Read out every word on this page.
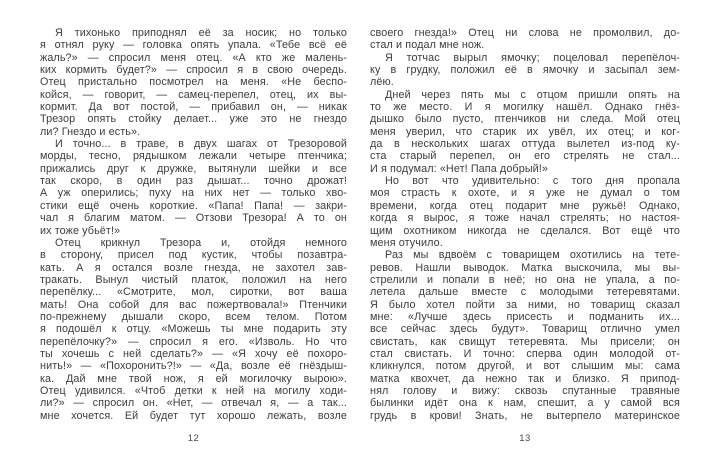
Я тихонько приподнял её за носик; но только
я отнял руку — головка опять упала. «Тебе всё её
жаль?» — спросил меня отец. «А кто же малень-
ких кормить будет?» — спросил я в свою очередь.
Отец пристально посмотрел на меня. «Не беспо-
койся, — говорит, — самец-перепел, отец, их вы-
кормит. Да вот постой, — прибавил он, — никак
Трезор опять стойку делает... уже это не гнездо
ли? Гнездо и есть».
И точно... в траве, в двух шагах от Трезоровой
морды, тесно, рядышком лежали четыре птенчика;
прижались друг к дружке, вытянули шейки и все
так скоро, в один раз дышат... точно дрожат!
А уж оперились; пуху на них нет — только хво-
стики ещё очень короткие. «Папа! Папа! — закри-
чал я благим матом. — Отзови Трезора! А то он
их тоже убьёт!»
Отец крикнул Трезора и, отойдя немного
в сторону, присел под кустик, чтобы позавтра-
кать. А я остался возле гнезда, не захотел зав-
тракать. Вынул чистый платок, положил на него
перепёлку... «Смотрите, мол, сиротки, вот ваша
мать! Она собой для вас пожертвовала!» Птенчики
по-прежнему дышали скоро, всем телом. Потом
я подошёл к отцу. «Можешь ты мне подарить эту
перепёлочку?» — спросил я его. «Изволь. Но что
ты хочешь с ней сделать?» — «Я хочу её похоро-
нить!» — «Похоронить?!» — «Да, возле её гнёздыш-
ка. Дай мне твой нож, я ей могилочку вырою».
Отец удивился. «Чтоб детки к ней на могилу ходи-
ли?» — спросил он. «Нет, — отвечал я, — а так...
мне хочется. Ей будет тут хорошо лежать, возле
своего гнезда!» Отец ни слова не промолвил, до-
стал и подал мне нож.
Я тотчас вырыл ямочку; поцеловал перепёлоч-
ку в грудку, положил её в ямочку и засыпал зем-
лёю.
Дней через пять мы с отцом пришли опять на
то же место. И я могилку нашёл. Однако гнёз-
дышко было пусто, птенчиков ни следа. Мой отец
меня уверил, что старик их увёл, их отец; и ког-
да в нескольких шагах оттуда вылетел из-под ку-
ста старый перепел, он его стрелять не стал...
И я подумал: «Нет! Папа добрый!»
Но вот что удивительно: с того дня пропала
моя страсть к охоте, и я уже не думал о том
времени, когда отец подарит мне ружьё! Однако,
когда я вырос, я тоже начал стрелять; но настоя-
щим охотником никогда не сделался. Вот ещё что
меня отучило.
Раз мы вдвоём с товарищем охотились на тете-
ревов. Нашли выводок. Матка выскочила, мы вы-
стрелили и попали в неё; но она не упала, а по-
летела дальше вместе с молодыми тетеревятами.
Я было хотел пойти за ними, но товарищ сказал
мне: «Лучше здесь присесть и подманить их...
все сейчас здесь будут». Товарищ отлично умел
свистать, как свищут тетеревята. Мы присели; он
стал свистать. И точно: сперва один молодой от-
кликнулся, потом другой, и вот слышим мы: сама
матка квохчет, да нежно так и близко. Я припод-
нял голову и вижу: сквозь спутанные травяные
былинки идёт она к нам, спешит, а у самой вся
грудь в крови! Знать, не вытерпело материнское
12	13
